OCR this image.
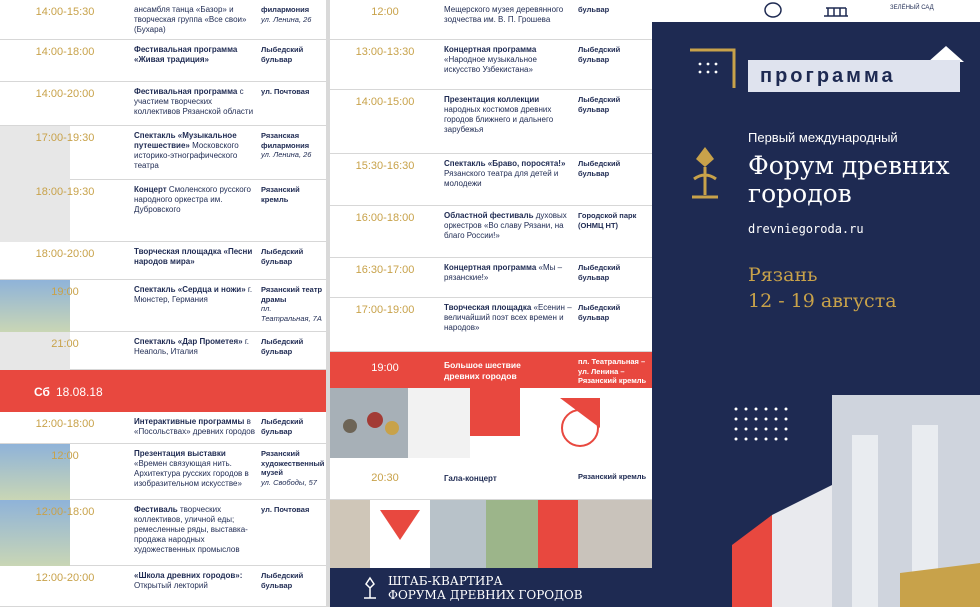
14:00-15:30	ансамбля танца «Базор» и творческая группа «Все свои» (Бухара)
филармония
ул. Ленина, 26
14:00-18:00	Фестивальная программа «Живая традиция»
Лыбедский бульвар
14:00-20:00	Фестивальная программа с участием творческих коллективов Рязанской области
ул. Почтовая
17:00-19:30	Спектакль «Музыкальное путешествие» Московского историко-этнографического театра
Рязанская филармония
ул. Ленина, 26
18:00-19:30	Концерт Смоленского русского народного оркестра им. Дубровского
Рязанский кремль
18:00-20:00	Творческая площадка «Песни народов мира»
Лыбедский бульвар
19:00	Спектакль «Сердца и ножи» г. Мюнстер, Германия
Рязанский театр драмы
пл. Театральная, 7А
21:00	Спектакль «Дар Прометея» г. Неаполь, Италия
Лыбедский бульвар
Сб 18.08.18
12:00-18:00	Интерактивные программы в «Посольствах» древних городов
Лыбедский бульвар
12:00	Презентация выставки «Времен связующая нить. Архитектура русских городов в изобразительном искусстве»
Рязанский художественный музей
ул. Свободы, 57
12:00-18:00	Фестиваль творческих коллективов, уличной еды; ремесленные ряды, выставка-продажа народных художественных промыслов
ул. Почтовая
12:00-20:00	«Школа древних городов»: Открытый лекторий
Лыбедский бульвар
12:00	Мещерского музея деревянного зодчества им. В. П. Грошева
бульвар
13:00-13:30	Концертная программа «Народное музыкальное искусство Узбекистана»
Лыбедский бульвар
14:00-15:00	Презентация коллекции народных костюмов древних городов ближнего и дальнего зарубежья
Лыбедский бульвар
15:30-16:30	Спектакль «Браво, поросята!» Рязанского театра для детей и молодежи
Лыбедский бульвар
16:00-18:00	Областной фестиваль духовых оркестров «Во славу Рязани, на благо России!»
Городской парк (ОНМЦ НТ)
16:30-17:00	Концертная программа «Мы – рязанские!»
Лыбедский бульвар
17:00-19:00	Творческая площадка «Есенин – величайший поэт всех времен и народов»
Лыбедский бульвар
19:00	Большое шествие древних городов
пл. Театральная – ул. Ленина – Рязанский кремль
20:30	Гала-концерт	Рязанский кремль
ШТАБ-КВАРТИРА
ФОРУМА ДРЕВНИХ ГОРОДОВ
ЗЕЛЁНЫЙ САД
программа
Первый международный
Форум древних
городов
drevniegoroda.ru
Рязань
12 - 19 августа
